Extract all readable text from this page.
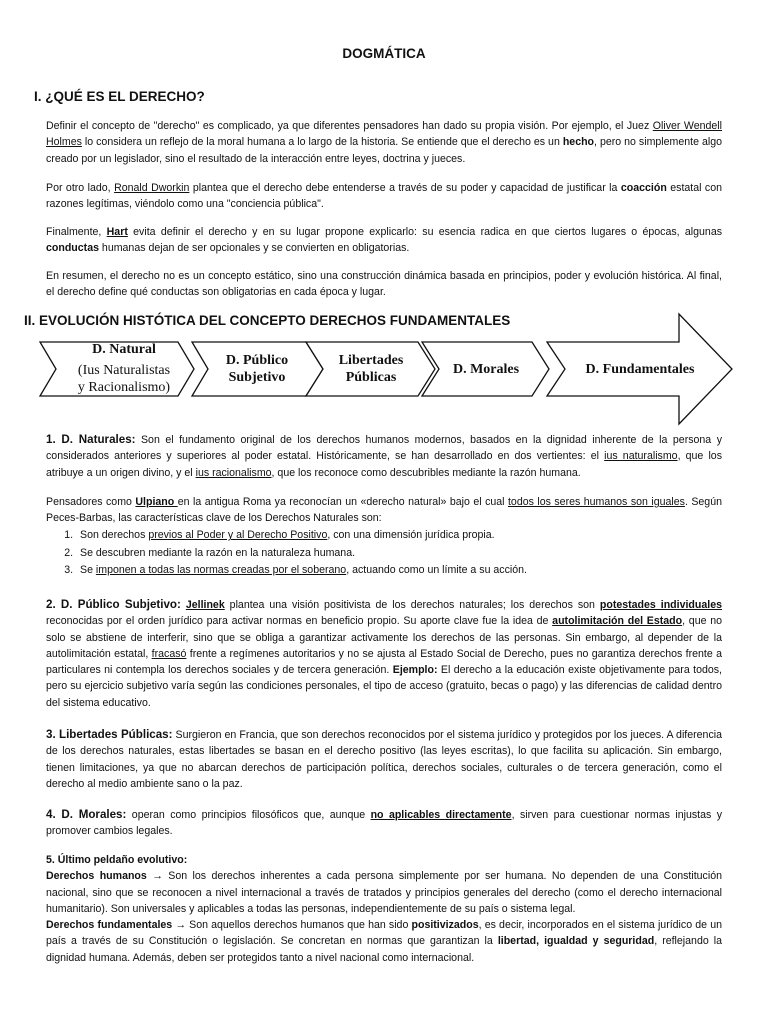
DOGMÁTICA
I. ¿QUÉ ES EL DERECHO?

Definir el concepto de "derecho" es complicado, ya que diferentes pensadores han dado su propia visión. Por ejemplo, el Juez Oliver Wendell Holmes lo considera un reflejo de la moral humana a lo largo de la historia. Se entiende que el derecho es un hecho, pero no simplemente algo creado por un legislador, sino el resultado de la interacción entre leyes, doctrina y jueces.

Por otro lado, Ronald Dworkin plantea que el derecho debe entenderse a través de su poder y capacidad de justificar la coacción estatal con razones legítimas, viéndolo como una "conciencia pública".

Finalmente, Hart evita definir el derecho y en su lugar propone explicarlo: su esencia radica en que ciertos lugares o épocas, algunas conductas humanas dejan de ser opcionales y se convierten en obligatorias.

En resumen, el derecho no es un concepto estático, sino una construcción dinámica basada en principios, poder y evolución histórica. Al final, el derecho define qué conductas son obligatorias en cada época y lugar.

II. EVOLUCIÓN HISTÓTICA DEL CONCEPTO DERECHOS FUNDAMENTALES
D. Natural
(Ius Naturalistas
y Racionalismo)
D. Público
Subjetivo
Libertades
Públicas
D. Morales	D. Fundamentales

1. D. Naturales: Son el fundamento original de los derechos humanos modernos, basados en la dignidad inherente de la persona y considerados anteriores y superiores al poder estatal. Históricamente, se han desarrollado en dos vertientes: el ius naturalismo, que los atribuye a un origen divino, y el ius racionalismo, que los reconoce como descubribles mediante la razón humana.

Pensadores como Ulpiano en la antigua Roma ya reconocían un «derecho natural» bajo el cual todos los seres humanos son iguales. Según Peces-Barbas, las características clave de los Derechos Naturales son:

1. Son derechos previos al Poder y al Derecho Positivo, con una dimensión jurídica propia.
2. Se descubren mediante la razón en la naturaleza humana.
3. Se imponen a todas las normas creadas por el soberano, actuando como un límite a su acción.

2. D. Público Subjetivo: Jellinek plantea una visión positivista de los derechos naturales; los derechos son potestades individuales reconocidas por el orden jurídico para activar normas en beneficio propio. Su aporte clave fue la idea de autolimitación del Estado, que no solo se abstiene de interferir, sino que se obliga a garantizar activamente los derechos de las personas. Sin embargo, al depender de la autolimitación estatal, fracasó frente a regímenes autoritarios y no se ajusta al Estado Social de Derecho, pues no garantiza derechos frente a particulares ni contempla los derechos sociales y de tercera generación. Ejemplo: El derecho a la educación existe objetivamente para todos, pero su ejercicio subjetivo varía según las condiciones personales, el tipo de acceso (gratuito, becas o pago) y las diferencias de calidad dentro del sistema educativo.

3. Libertades Públicas: Surgieron en Francia, que son derechos reconocidos por el sistema jurídico y protegidos por los jueces. A diferencia de los derechos naturales, estas libertades se basan en el derecho positivo (las leyes escritas), lo que facilita su aplicación. Sin embargo, tienen limitaciones, ya que no abarcan derechos de participación política, derechos sociales, culturales o de tercera generación, como el derecho al medio ambiente sano o la paz.

4. D. Morales: operan como principios filosóficos que, aunque no aplicables directamente, sirven para cuestionar normas injustas y promover cambios legales.

5. Último peldaño evolutivo:
Derechos humanos → Son los derechos inherentes a cada persona simplemente por ser humana. No dependen de una Constitución nacional, sino que se reconocen a nivel internacional a través de tratados y principios generales del derecho (como el derecho internacional humanitario). Son universales y aplicables a todas las personas, independientemente de su país o sistema legal.
Derechos fundamentales → Son aquellos derechos humanos que han sido positivizados, es decir, incorporados en el sistema jurídico de un país a través de su Constitución o legislación. Se concretan en normas que garantizan la libertad, igualdad y seguridad, reflejando la dignidad humana. Además, deben ser protegidos tanto a nivel nacional como internacional.
